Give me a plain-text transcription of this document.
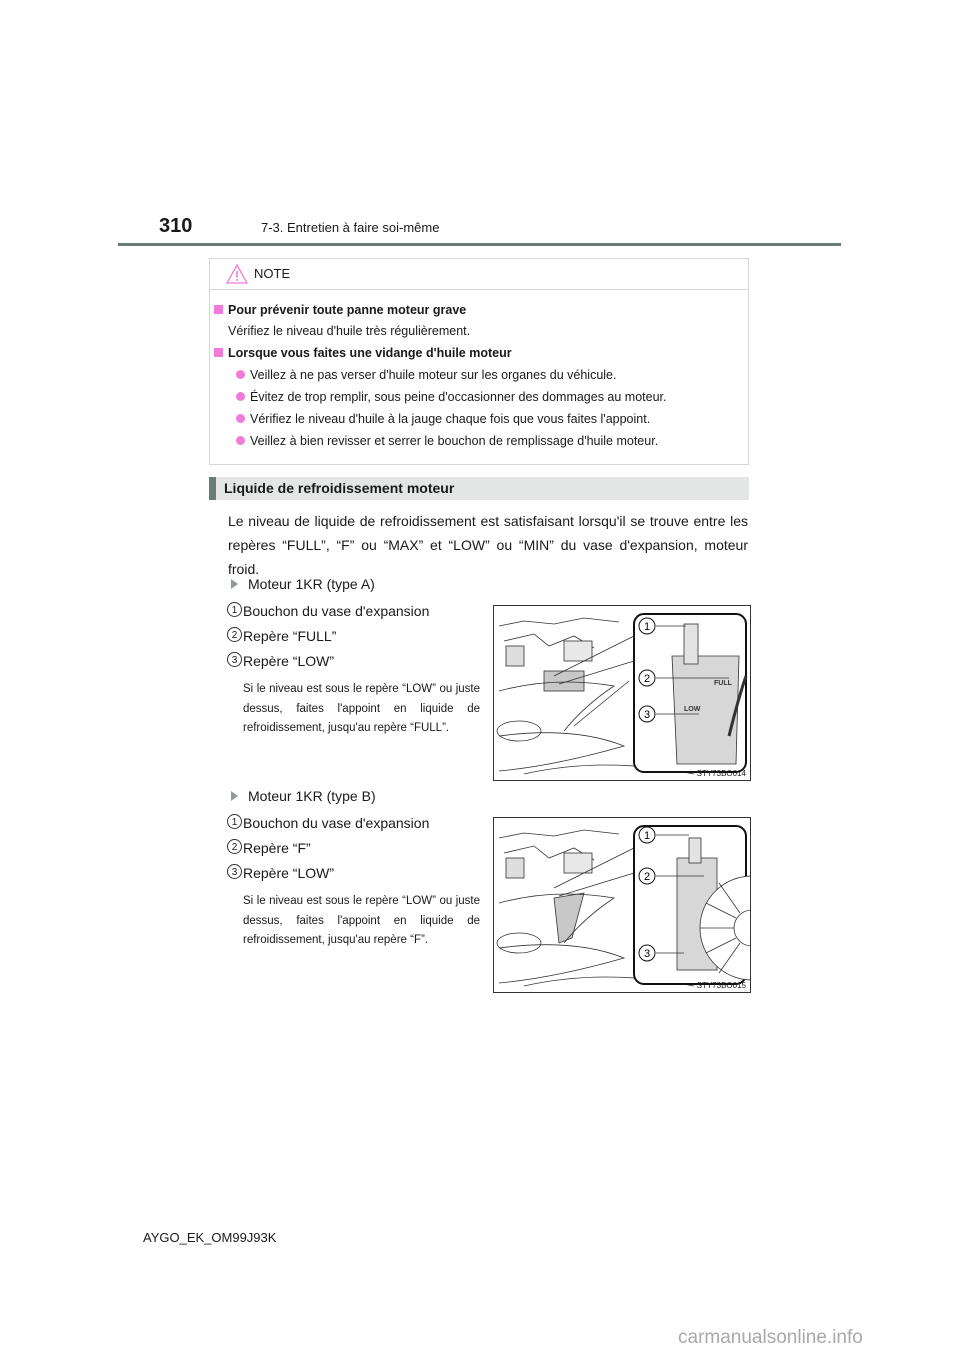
310	7-3. Entretien à faire soi-même
NOTE
Pour prévenir toute panne moteur grave
Vérifiez le niveau d'huile très régulièrement.
Lorsque vous faites une vidange d'huile moteur
Veillez à ne pas verser d'huile moteur sur les organes du véhicule.
Évitez de trop remplir, sous peine d'occasionner des dommages au moteur.
Vérifiez le niveau d'huile à la jauge chaque fois que vous faites l'appoint.
Veillez à bien revisser et serrer le bouchon de remplissage d'huile moteur.
Liquide de refroidissement moteur
Le niveau de liquide de refroidissement est satisfaisant lorsqu'il se trouve entre les repères “FULL”, “F” ou “MAX” et “LOW” ou “MIN” du vase d'expansion, moteur froid.
Moteur 1KR (type A)
1 Bouchon du vase d'expansion
2 Repère “FULL”
3 Repère “LOW”
Si le niveau est sous le repère “LOW” ou juste dessus, faites l'appoint en liquide de refroidissement, jusqu'au repère “FULL”.
1
2
3
FULL
LOW
STY73BO014
Moteur 1KR (type B)
1 Bouchon du vase d'expansion
2 Repère “F”
3 Repère “LOW”
Si le niveau est sous le repère “LOW” ou juste dessus, faites l'appoint en liquide de refroidissement, jusqu'au repère “F”.
1
2
3
STY73BO015
AYGO_EK_OM99J93K
carmanualsonline.info
